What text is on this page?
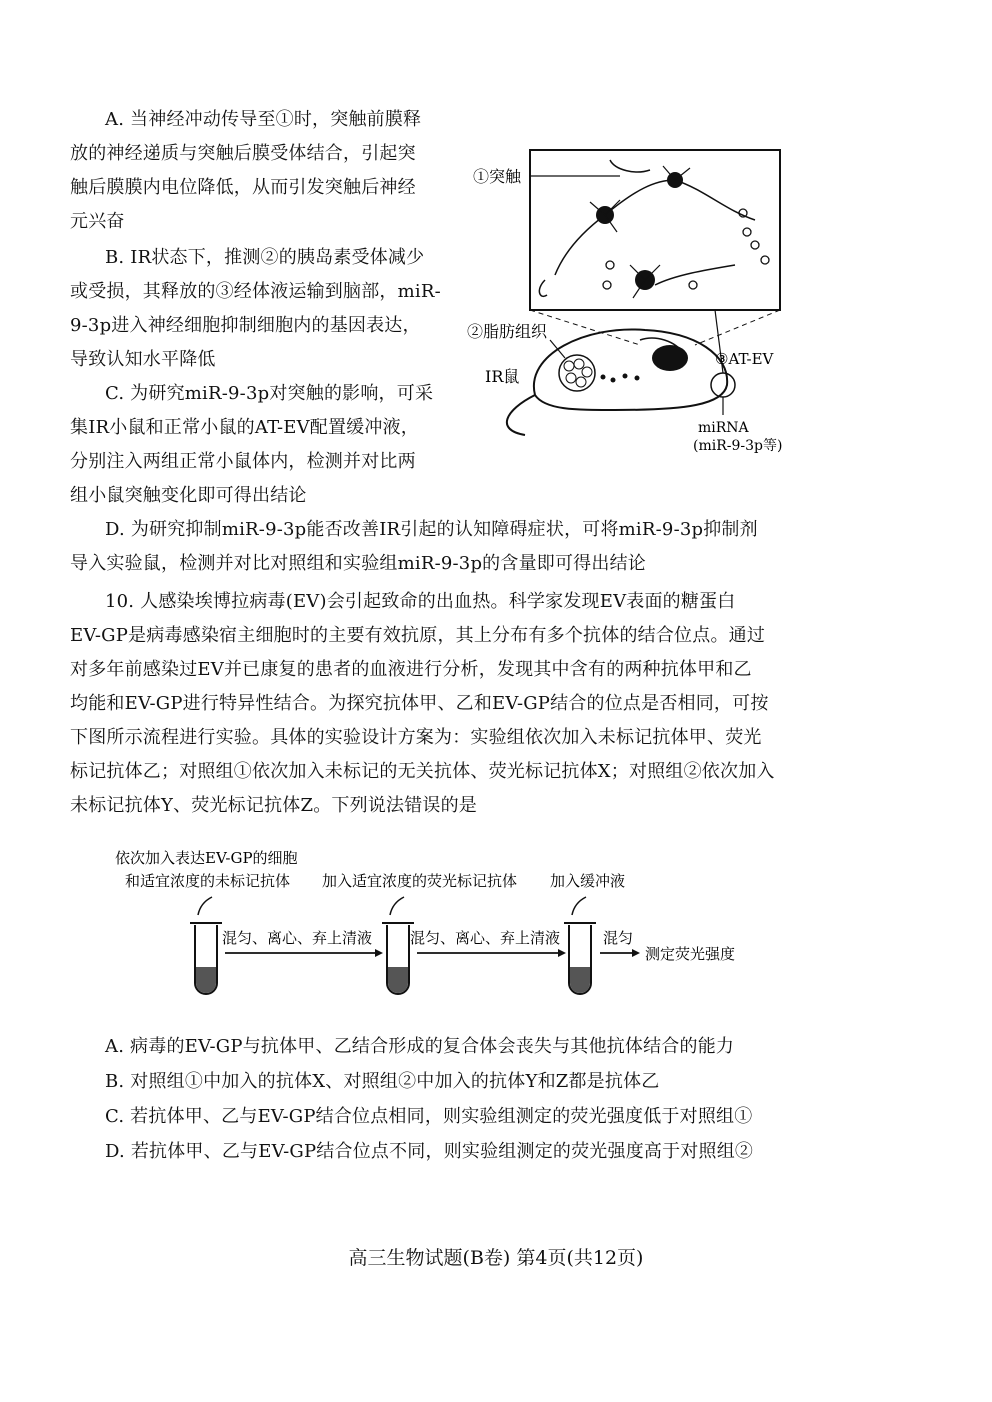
A. 当神经冲动传导至①时，突触前膜释
放的神经递质与突触后膜受体结合，引起突
触后膜膜内电位降低，从而引发突触后神经
元兴奋
B. IR状态下，推测②的胰岛素受体减少
或受损，其释放的③经体液运输到脑部，miR-
9-3p进入神经细胞抑制细胞内的基因表达，
导致认知水平降低
C. 为研究miR-9-3p对突触的影响，可采
集IR小鼠和正常小鼠的AT-EV配置缓冲液，
分别注入两组正常小鼠体内，检测并对比两
组小鼠突触变化即可得出结论
D. 为研究抑制miR-9-3p能否改善IR引起的认知障碍症状，可将miR-9-3p抑制剂
导入实验鼠，检测并对比对照组和实验组miR-9-3p的含量即可得出结论
①突触
②脂肪组织
IR鼠
③AT-EV
miRNA
(miR-9-3p等)
10. 人感染埃博拉病毒(EV)会引起致命的出血热。科学家发现EV表面的糖蛋白
EV-GP是病毒感染宿主细胞时的主要有效抗原，其上分布有多个抗体的结合位点。通过
对多年前感染过EV并已康复的患者的血液进行分析，发现其中含有的两种抗体甲和乙
均能和EV-GP进行特异性结合。为探究抗体甲、乙和EV-GP结合的位点是否相同，可按
下图所示流程进行实验。具体的实验设计方案为：实验组依次加入未标记抗体甲、荧光
标记抗体乙；对照组①依次加入未标记的无关抗体、荧光标记抗体X；对照组②依次加入
未标记抗体Y、荧光标记抗体Z。下列说法错误的是
依次加入表达EV-GP的细胞
和适宜浓度的未标记抗体 加入适宜浓度的荧光标记抗体 加入缓冲液
混匀、离心、弃上清液	混匀、离心、弃上清液	混匀
测定荧光强度
A. 病毒的EV-GP与抗体甲、乙结合形成的复合体会丧失与其他抗体结合的能力
B. 对照组①中加入的抗体X、对照组②中加入的抗体Y和Z都是抗体乙
C. 若抗体甲、乙与EV-GP结合位点相同，则实验组测定的荧光强度低于对照组①
D. 若抗体甲、乙与EV-GP结合位点不同，则实验组测定的荧光强度高于对照组②
高三生物试题(B卷) 第4页(共12页)
